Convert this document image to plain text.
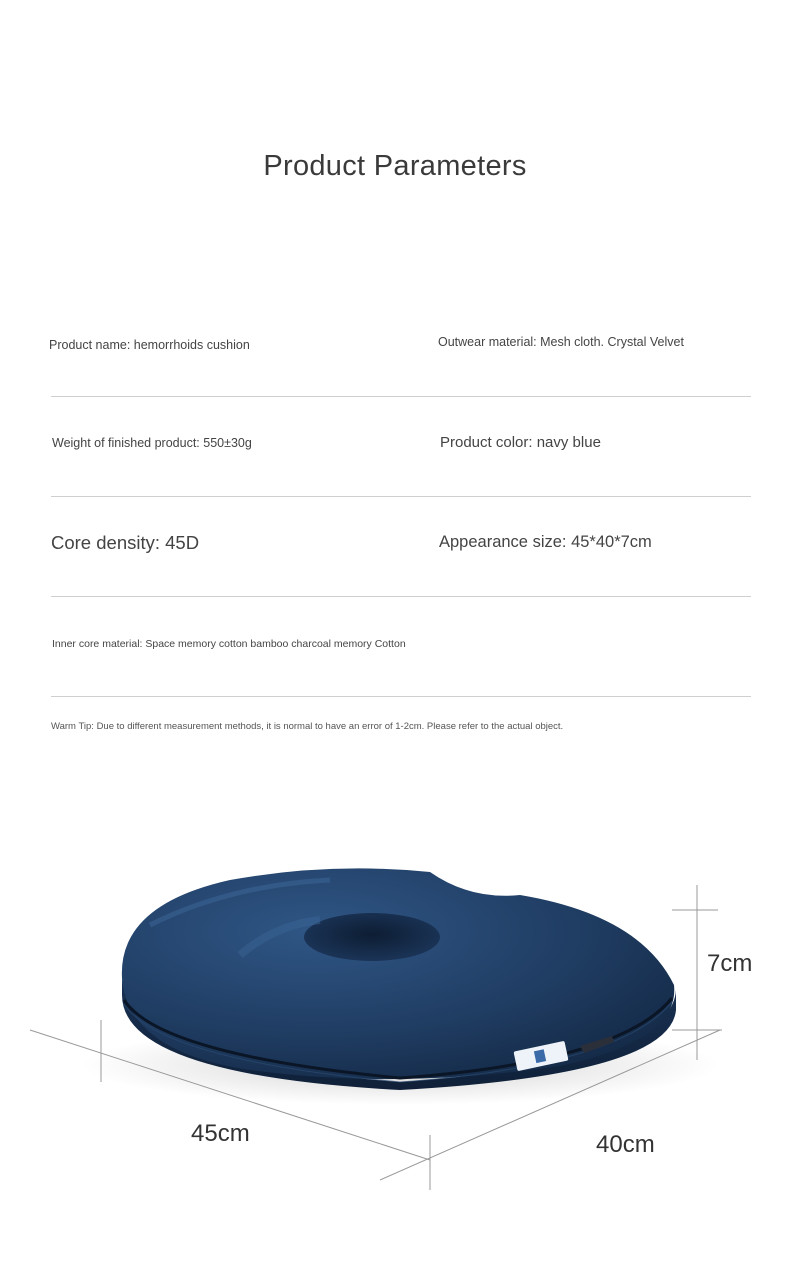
Product Parameters
Product name: hemorrhoids cushion	Outwear material: Mesh cloth. Crystal Velvet
Weight of finished product: 550±30g	Product color: navy blue
Core density: 45D	Appearance size: 45*40*7cm
Inner core material: Space memory cotton bamboo charcoal memory Cotton
Warm Tip: Due to different measurement methods, it is normal to have an error of 1-2cm. Please refer to the actual object.
7cm
45cm	40cm
